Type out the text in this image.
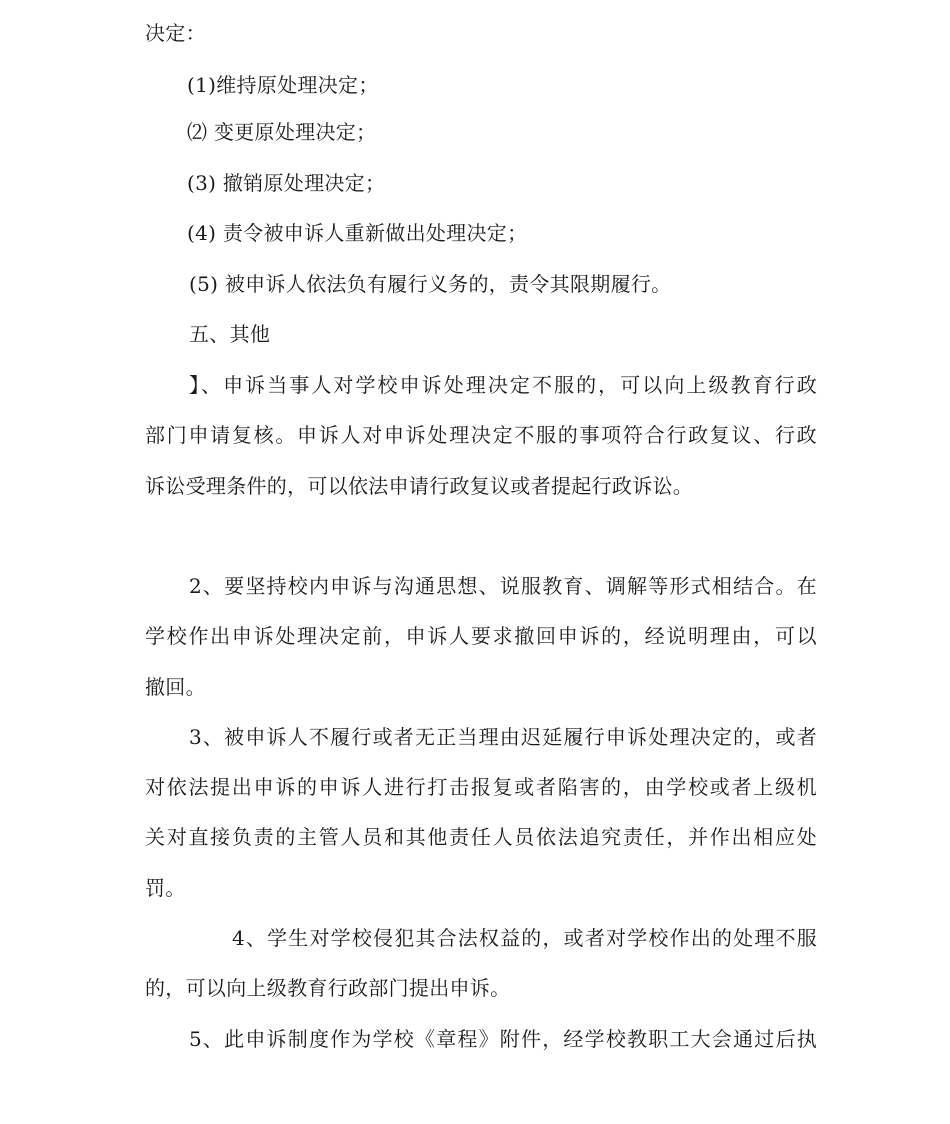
决定：
(1)维持原处理决定；
⑵ 变更原处理决定；
(3) 撤销原处理决定；
(4) 责令被申诉人重新做出处理决定；
(5) 被申诉人依法负有履行义务的，责令其限期履行。
五、其他
】、申诉当事人对学校申诉处理决定不服的，可以向上级教育行政
部门申请复核。申诉人对申诉处理决定不服的事项符合行政复议、行政
诉讼受理条件的，可以依法申请行政复议或者提起行政诉讼。
2、要坚持校内申诉与沟通思想、说服教育、调解等形式相结合。在
学校作出申诉处理决定前，申诉人要求撤回申诉的，经说明理由，可以
撤回。
3、被申诉人不履行或者无正当理由迟延履行申诉处理决定的，或者
对依法提出申诉的申诉人进行打击报复或者陷害的，由学校或者上级机
关对直接负责的主管人员和其他责任人员依法追究责任，并作出相应处
罚。
4、学生对学校侵犯其合法权益的，或者对学校作出的处理不服
的，可以向上级教育行政部门提出申诉。
5、此申诉制度作为学校《章程》附件，经学校教职工大会通过后执
